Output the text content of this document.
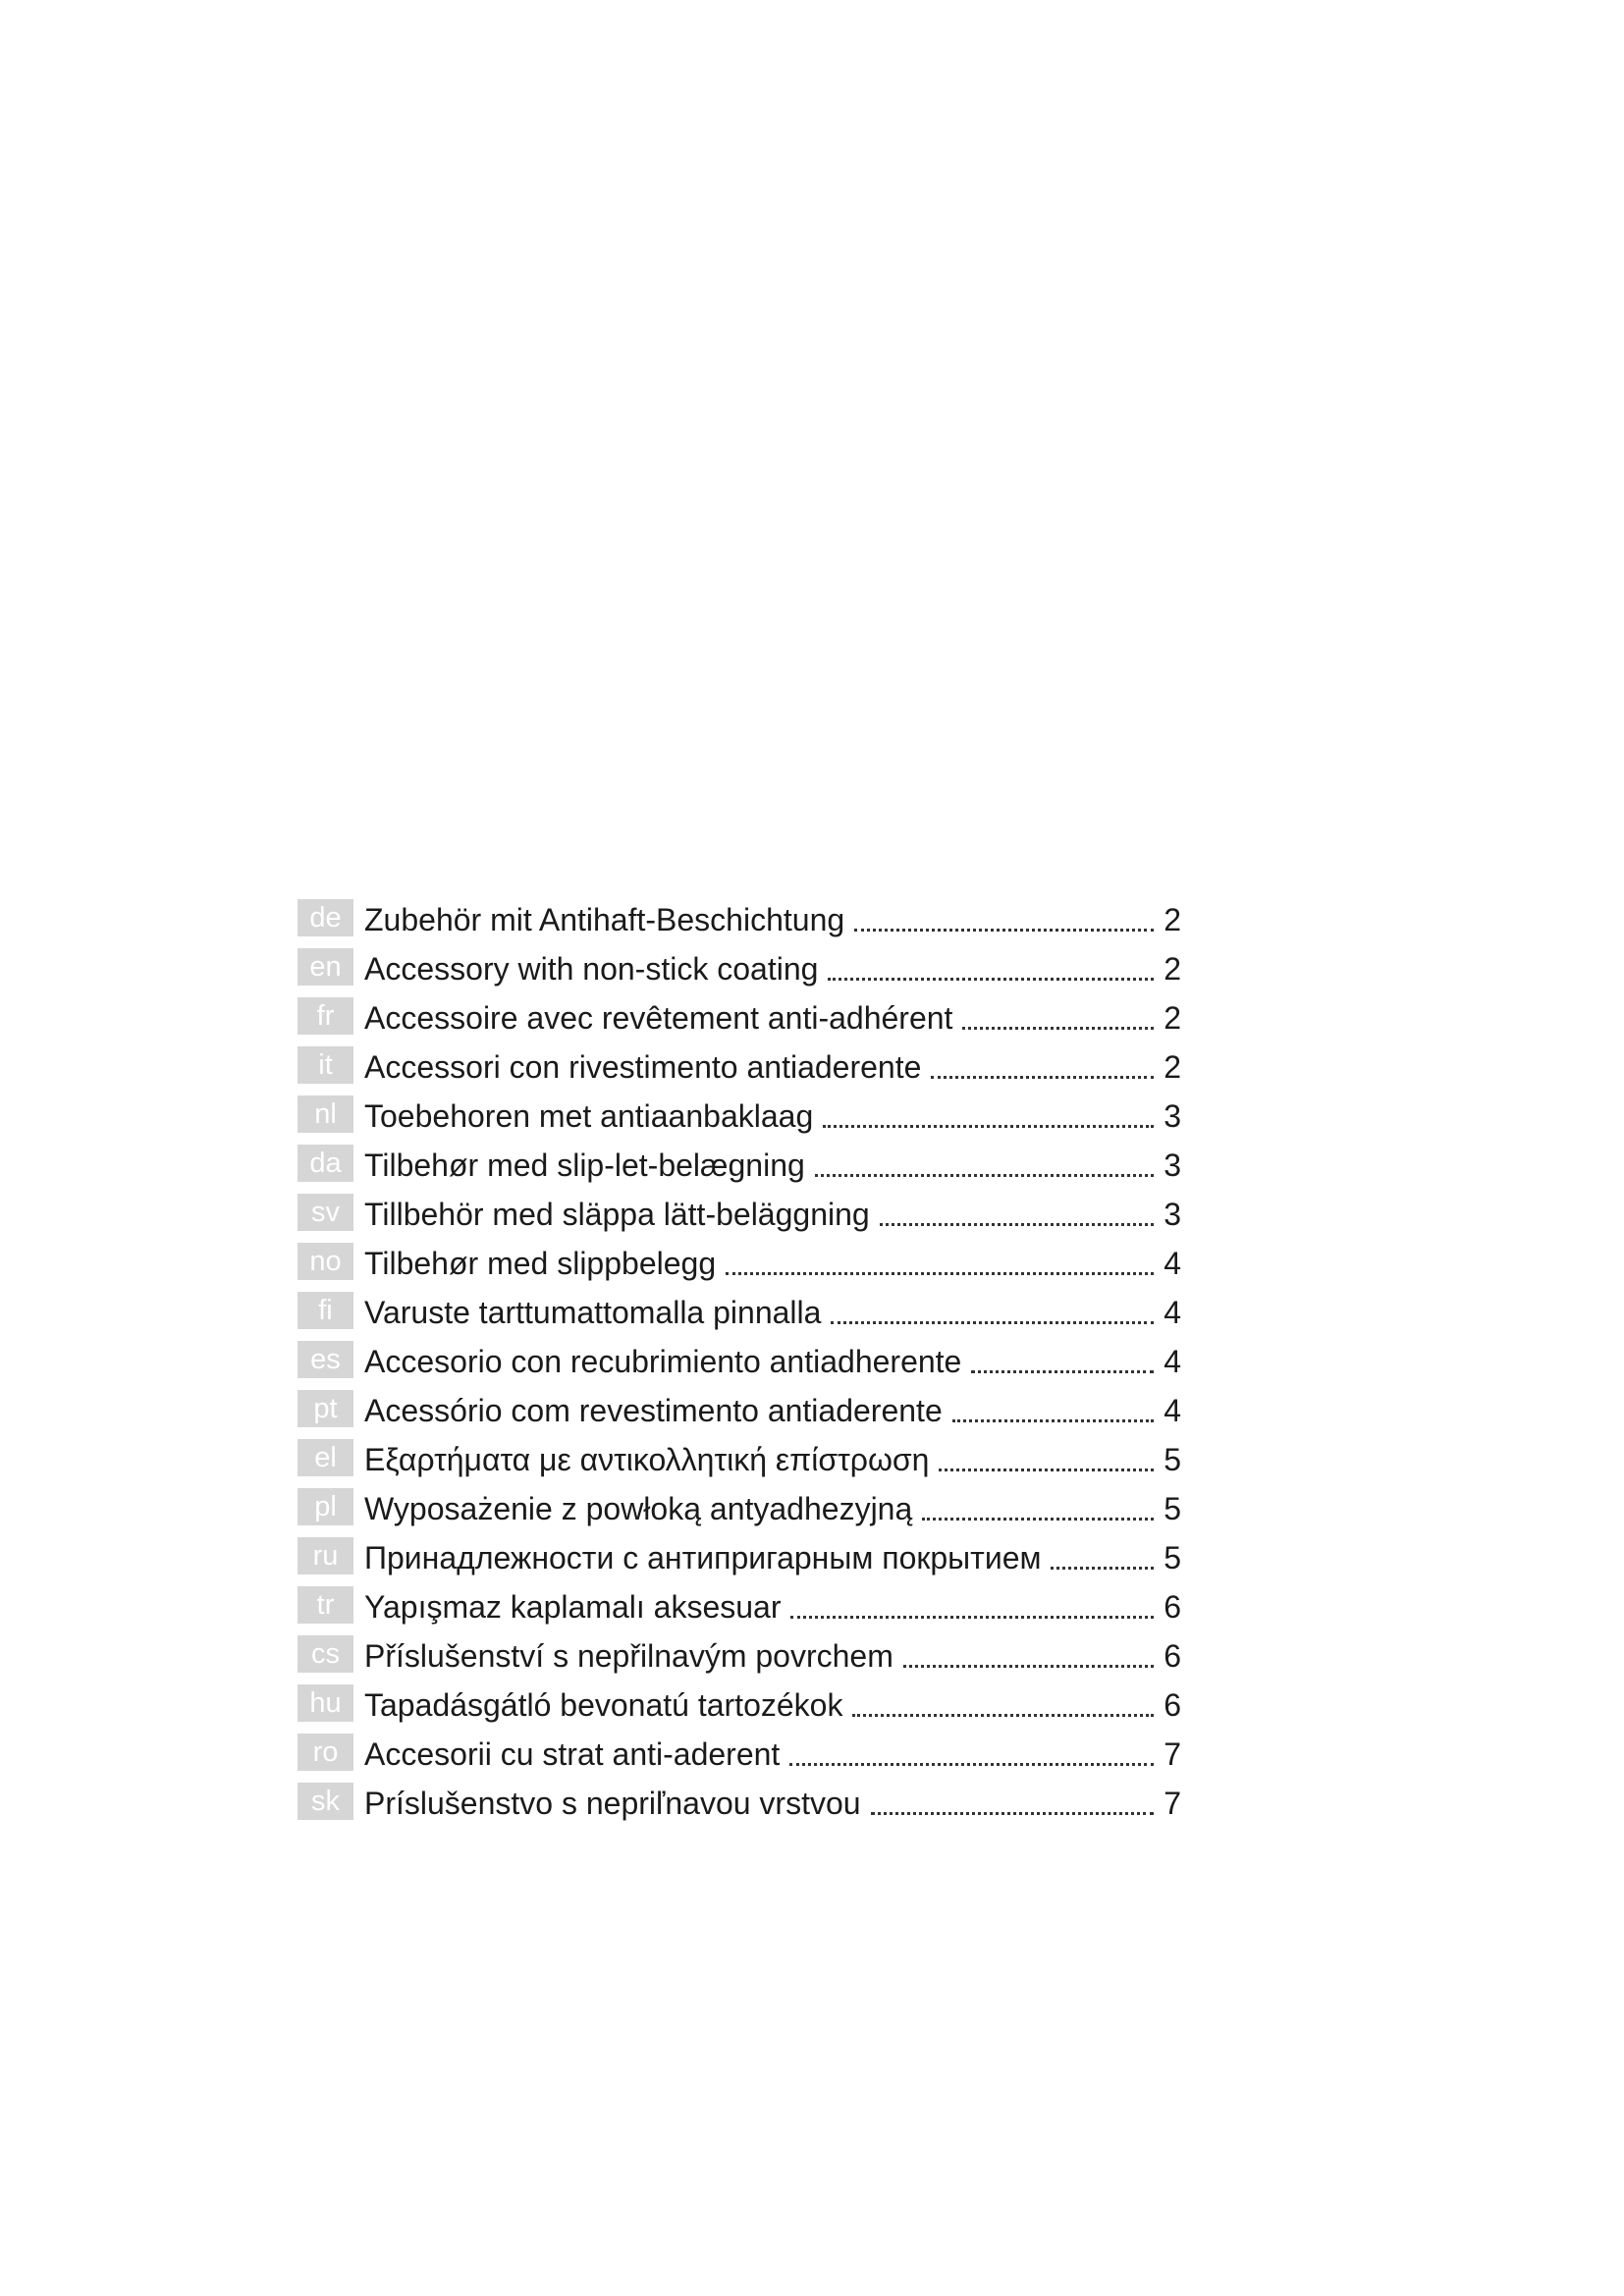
de Zubehör mit Antihaft-Beschichtung	2
en Accessory with non-stick coating	2
fr Accessoire avec revêtement anti-adhérent	2
it	Accessori con rivestimento antiaderente	2
nl Toebehoren met antiaanbaklaag	3
da Tilbehør med slip-let-belægning	3
sv Tillbehör med släppa lätt-beläggning	3
no Tilbehør med slippbelegg	4
fi	Varuste tarttumattomalla pinnalla	4
es Accesorio con recubrimiento antiadherente	4
pt Acessório com revestimento antiaderente	4
el Εξαρτήματα με αντικολλητική επίστρωση	5
pl Wyposażenie z powłoką antyadhezyjną	5
ru Принадлежности с антипригарным покрытием	5
tr Yapışmaz kaplamalı aksesuar	6
cs Příslušenství s nepřilnavým povrchem	6
hu Tapadásgátló bevonatú tartozékok	6
ro Accesorii cu strat anti-aderent	7
sk Príslušenstvo s nepriľnavou vrstvou	7
